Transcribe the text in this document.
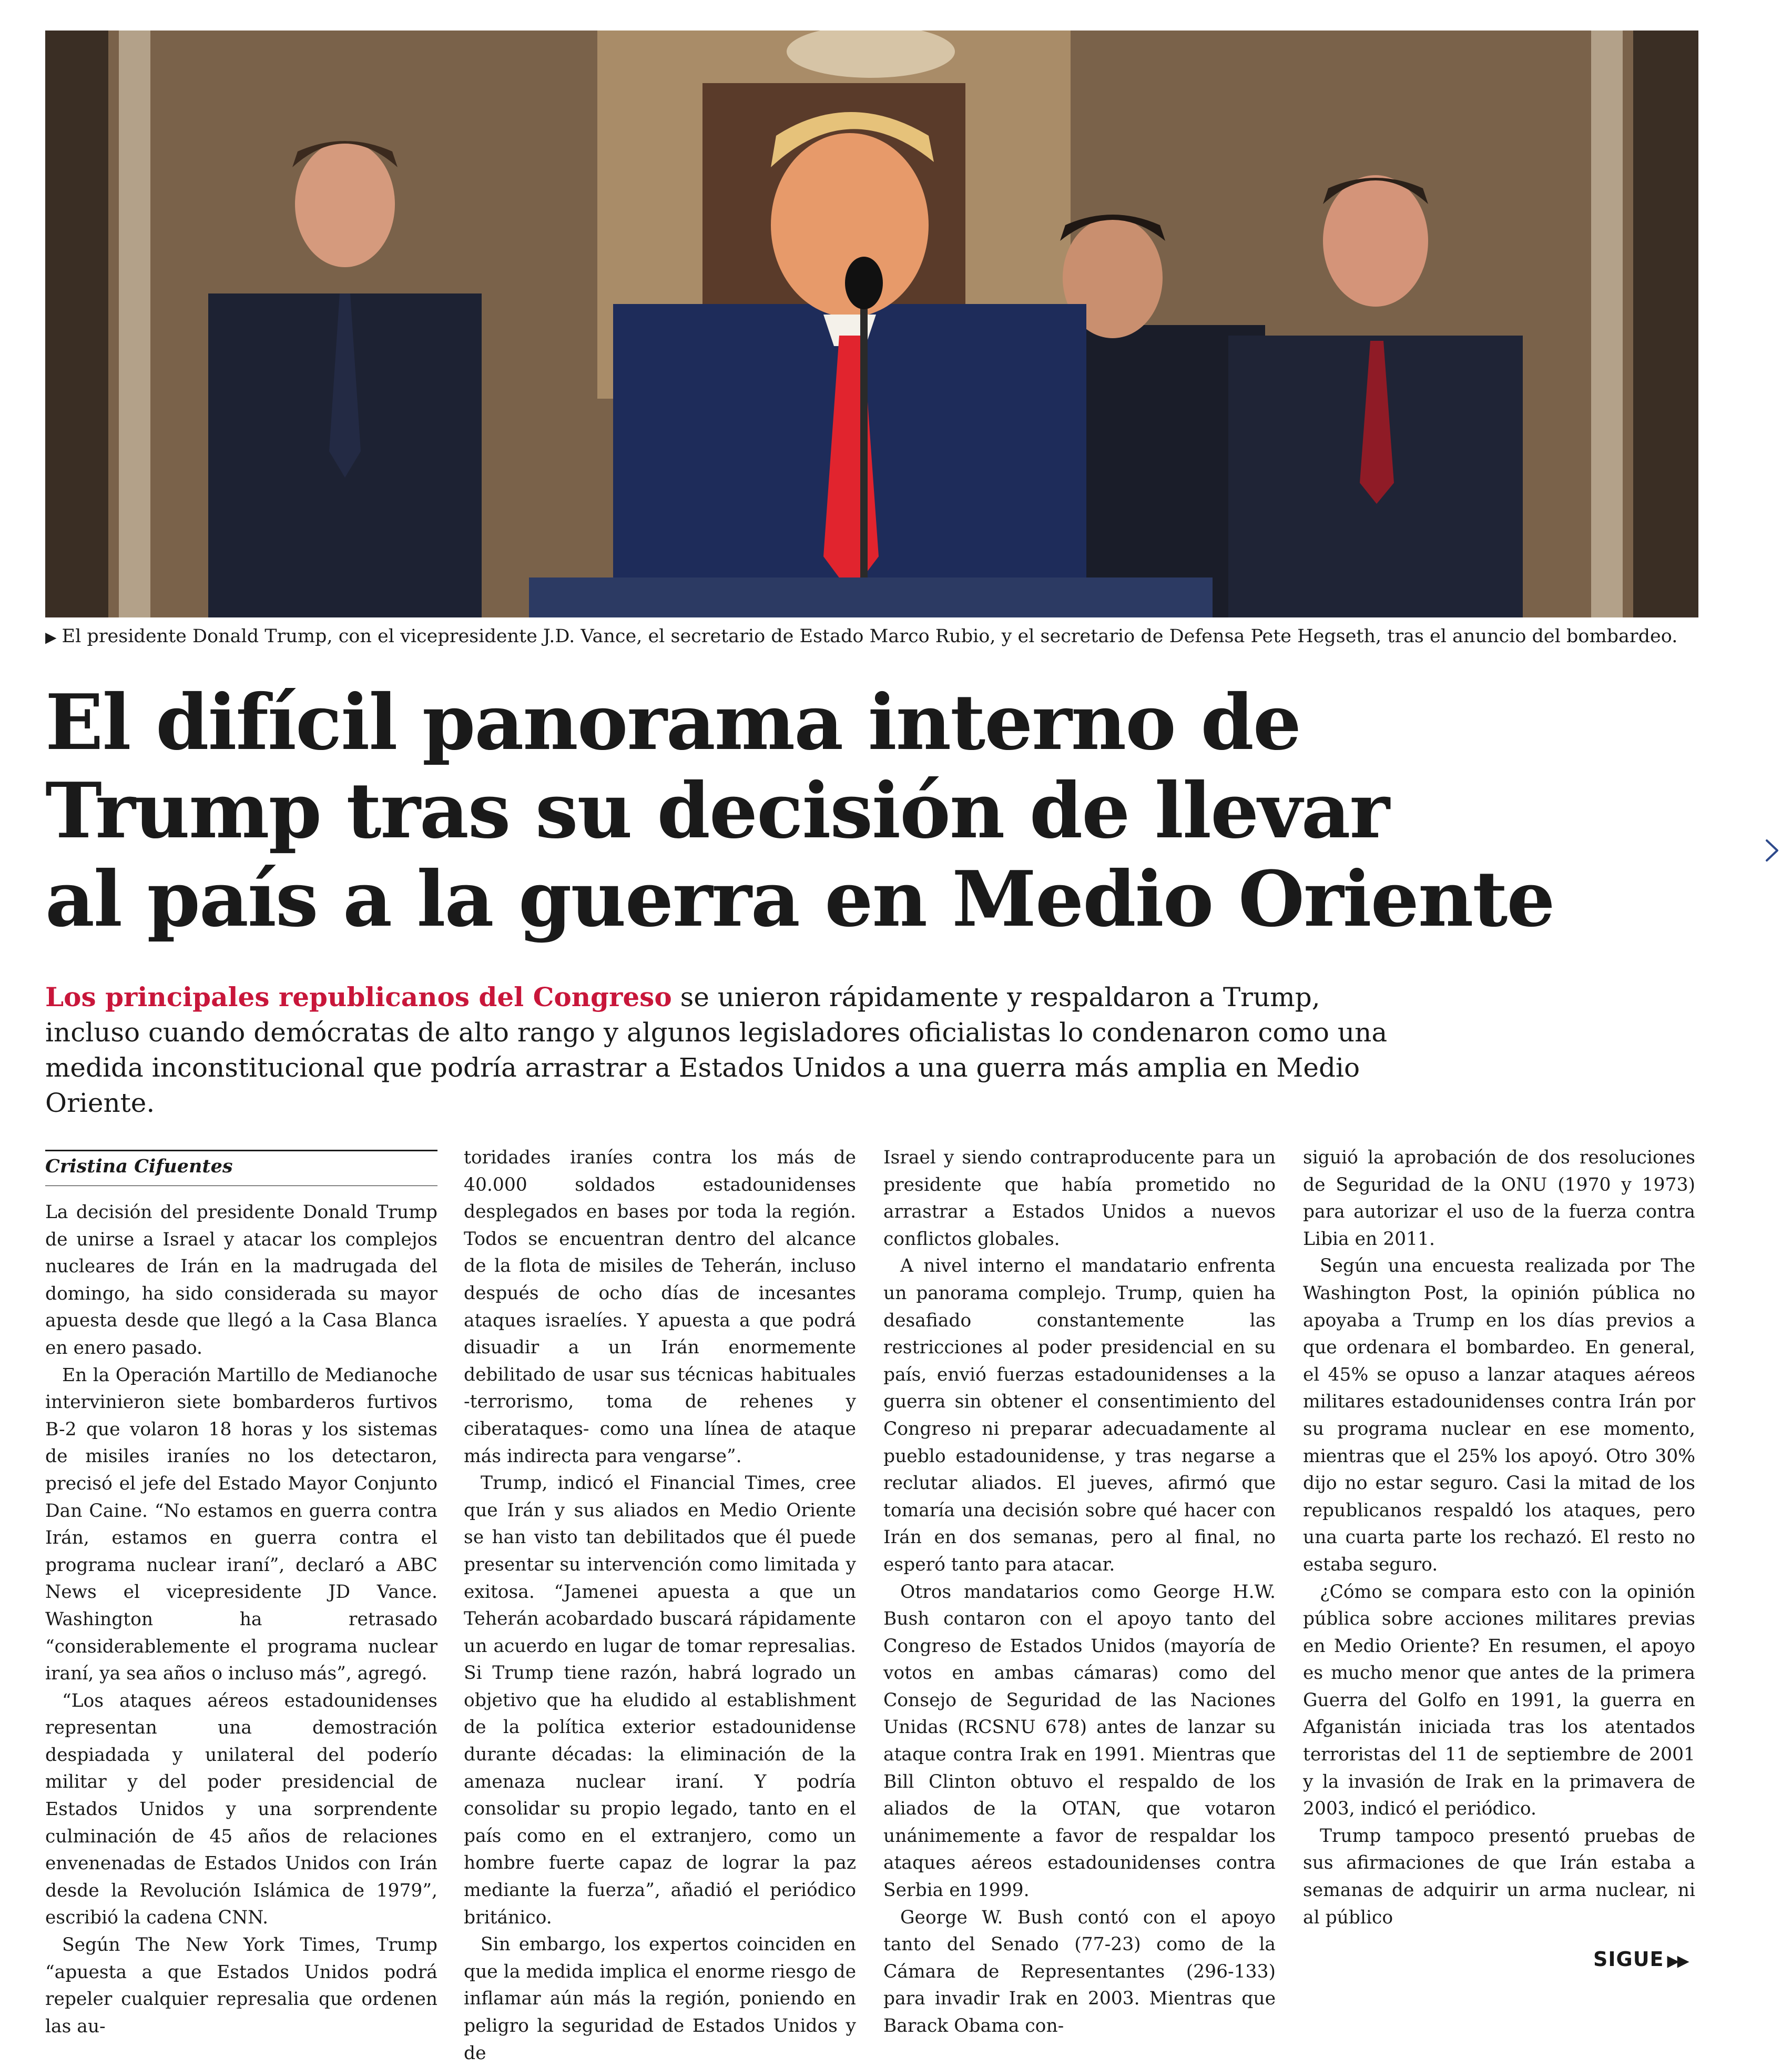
▶ El presidente Donald Trump, con el vicepresidente J.D. Vance, el secretario de Estado Marco Rubio, y el secretario de Defensa Pete Hegseth, tras el anuncio del bombardeo.
El difícil panorama interno de
Trump tras su decisión de llevar
al país a la guerra en Medio Oriente

Los principales republicanos del Congreso se unieron rápidamente y respaldaron a Trump, incluso cuando demócratas de alto rango y algunos legisladores oficialistas lo condenaron como una medida inconstitucional que podría arrastrar a Estados Unidos a una guerra más amplia en Medio Oriente.

Cristina Cifuentes

La decisión del presidente Donald Trump de unirse a Israel y atacar los complejos nucleares de Irán en la madrugada del domingo, ha sido considerada su mayor apuesta desde que llegó a la Casa Blanca en enero pasado.

En la Operación Martillo de Medianoche intervinieron siete bombarderos furtivos B-2 que volaron 18 horas y los sistemas de misiles iraníes no los detectaron, precisó el jefe del Estado Mayor Conjunto Dan Caine. “No estamos en guerra contra Irán, estamos en guerra contra el programa nuclear iraní”, declaró a ABC News el vicepresidente JD Vance. Washington ha retrasado “considerablemente el programa nuclear iraní, ya sea años o incluso más”, agregó.

“Los ataques aéreos estadounidenses representan una demostración despiadada y unilateral del poderío militar y del poder presidencial de Estados Unidos y una sorprendente culminación de 45 años de relaciones envenenadas de Estados Unidos con Irán desde la Revolución Islámica de 1979”, escribió la cadena CNN.

Según The New York Times, Trump “apuesta a que Estados Unidos podrá repeler cualquier represalia que ordenen las au-

toridades iraníes contra los más de 40.000 soldados estadounidenses desplegados en bases por toda la región. Todos se encuentran dentro del alcance de la flota de misiles de Teherán, incluso después de ocho días de incesantes ataques israelíes. Y apuesta a que podrá disuadir a un Irán enormemente debilitado de usar sus técnicas habituales -terrorismo, toma de rehenes y ciberataques- como una línea de ataque más indirecta para vengarse”.

Trump, indicó el Financial Times, cree que Irán y sus aliados en Medio Oriente se han visto tan debilitados que él puede presentar su intervención como limitada y exitosa. “Jamenei apuesta a que un Teherán acobardado buscará rápidamente un acuerdo en lugar de tomar represalias. Si Trump tiene razón, habrá logrado un objetivo que ha eludido al establishment de la política exterior estadounidense durante décadas: la eliminación de la amenaza nuclear iraní. Y podría consolidar su propio legado, tanto en el país como en el extranjero, como un hombre fuerte capaz de lograr la paz mediante la fuerza”, añadió el periódico británico.

Sin embargo, los expertos coinciden en que la medida implica el enorme riesgo de inflamar aún más la región, poniendo en peligro la seguridad de Estados Unidos y de

Israel y siendo contraproducente para un presidente que había prometido no arrastrar a Estados Unidos a nuevos conflictos globales.

A nivel interno el mandatario enfrenta un panorama complejo. Trump, quien ha desafiado constantemente las restricciones al poder presidencial en su país, envió fuerzas estadounidenses a la guerra sin obtener el consentimiento del Congreso ni preparar adecuadamente al pueblo estadounidense, y tras negarse a reclutar aliados. El jueves, afirmó que tomaría una decisión sobre qué hacer con Irán en dos semanas, pero al final, no esperó tanto para atacar.

Otros mandatarios como George H.W. Bush contaron con el apoyo tanto del Congreso de Estados Unidos (mayoría de votos en ambas cámaras) como del Consejo de Seguridad de las Naciones Unidas (RCSNU 678) antes de lanzar su ataque contra Irak en 1991. Mientras que Bill Clinton obtuvo el respaldo de los aliados de la OTAN, que votaron unánimemente a favor de respaldar los ataques aéreos estadounidenses contra Serbia en 1999.

George W. Bush contó con el apoyo tanto del Senado (77-23) como de la Cámara de Representantes (296-133) para invadir Irak en 2003. Mientras que Barack Obama con-

siguió la aprobación de dos resoluciones de Seguridad de la ONU (1970 y 1973) para autorizar el uso de la fuerza contra Libia en 2011.

Según una encuesta realizada por The Washington Post, la opinión pública no apoyaba a Trump en los días previos a que ordenara el bombardeo. En general, el 45% se opuso a lanzar ataques aéreos militares estadounidenses contra Irán por su programa nuclear en ese momento, mientras que el 25% los apoyó. Otro 30% dijo no estar seguro. Casi la mitad de los republicanos respaldó los ataques, pero una cuarta parte los rechazó. El resto no estaba seguro.

¿Cómo se compara esto con la opinión pública sobre acciones militares previas en Medio Oriente? En resumen, el apoyo es mucho menor que antes de la primera Guerra del Golfo en 1991, la guerra en Afganistán iniciada tras los atentados terroristas del 11 de septiembre de 2001 y la invasión de Irak en la primavera de 2003, indicó el periódico.

Trump tampoco presentó pruebas de sus afirmaciones de que Irán estaba a semanas de adquirir un arma nuclear, ni al público

SIGUE ▶▶
